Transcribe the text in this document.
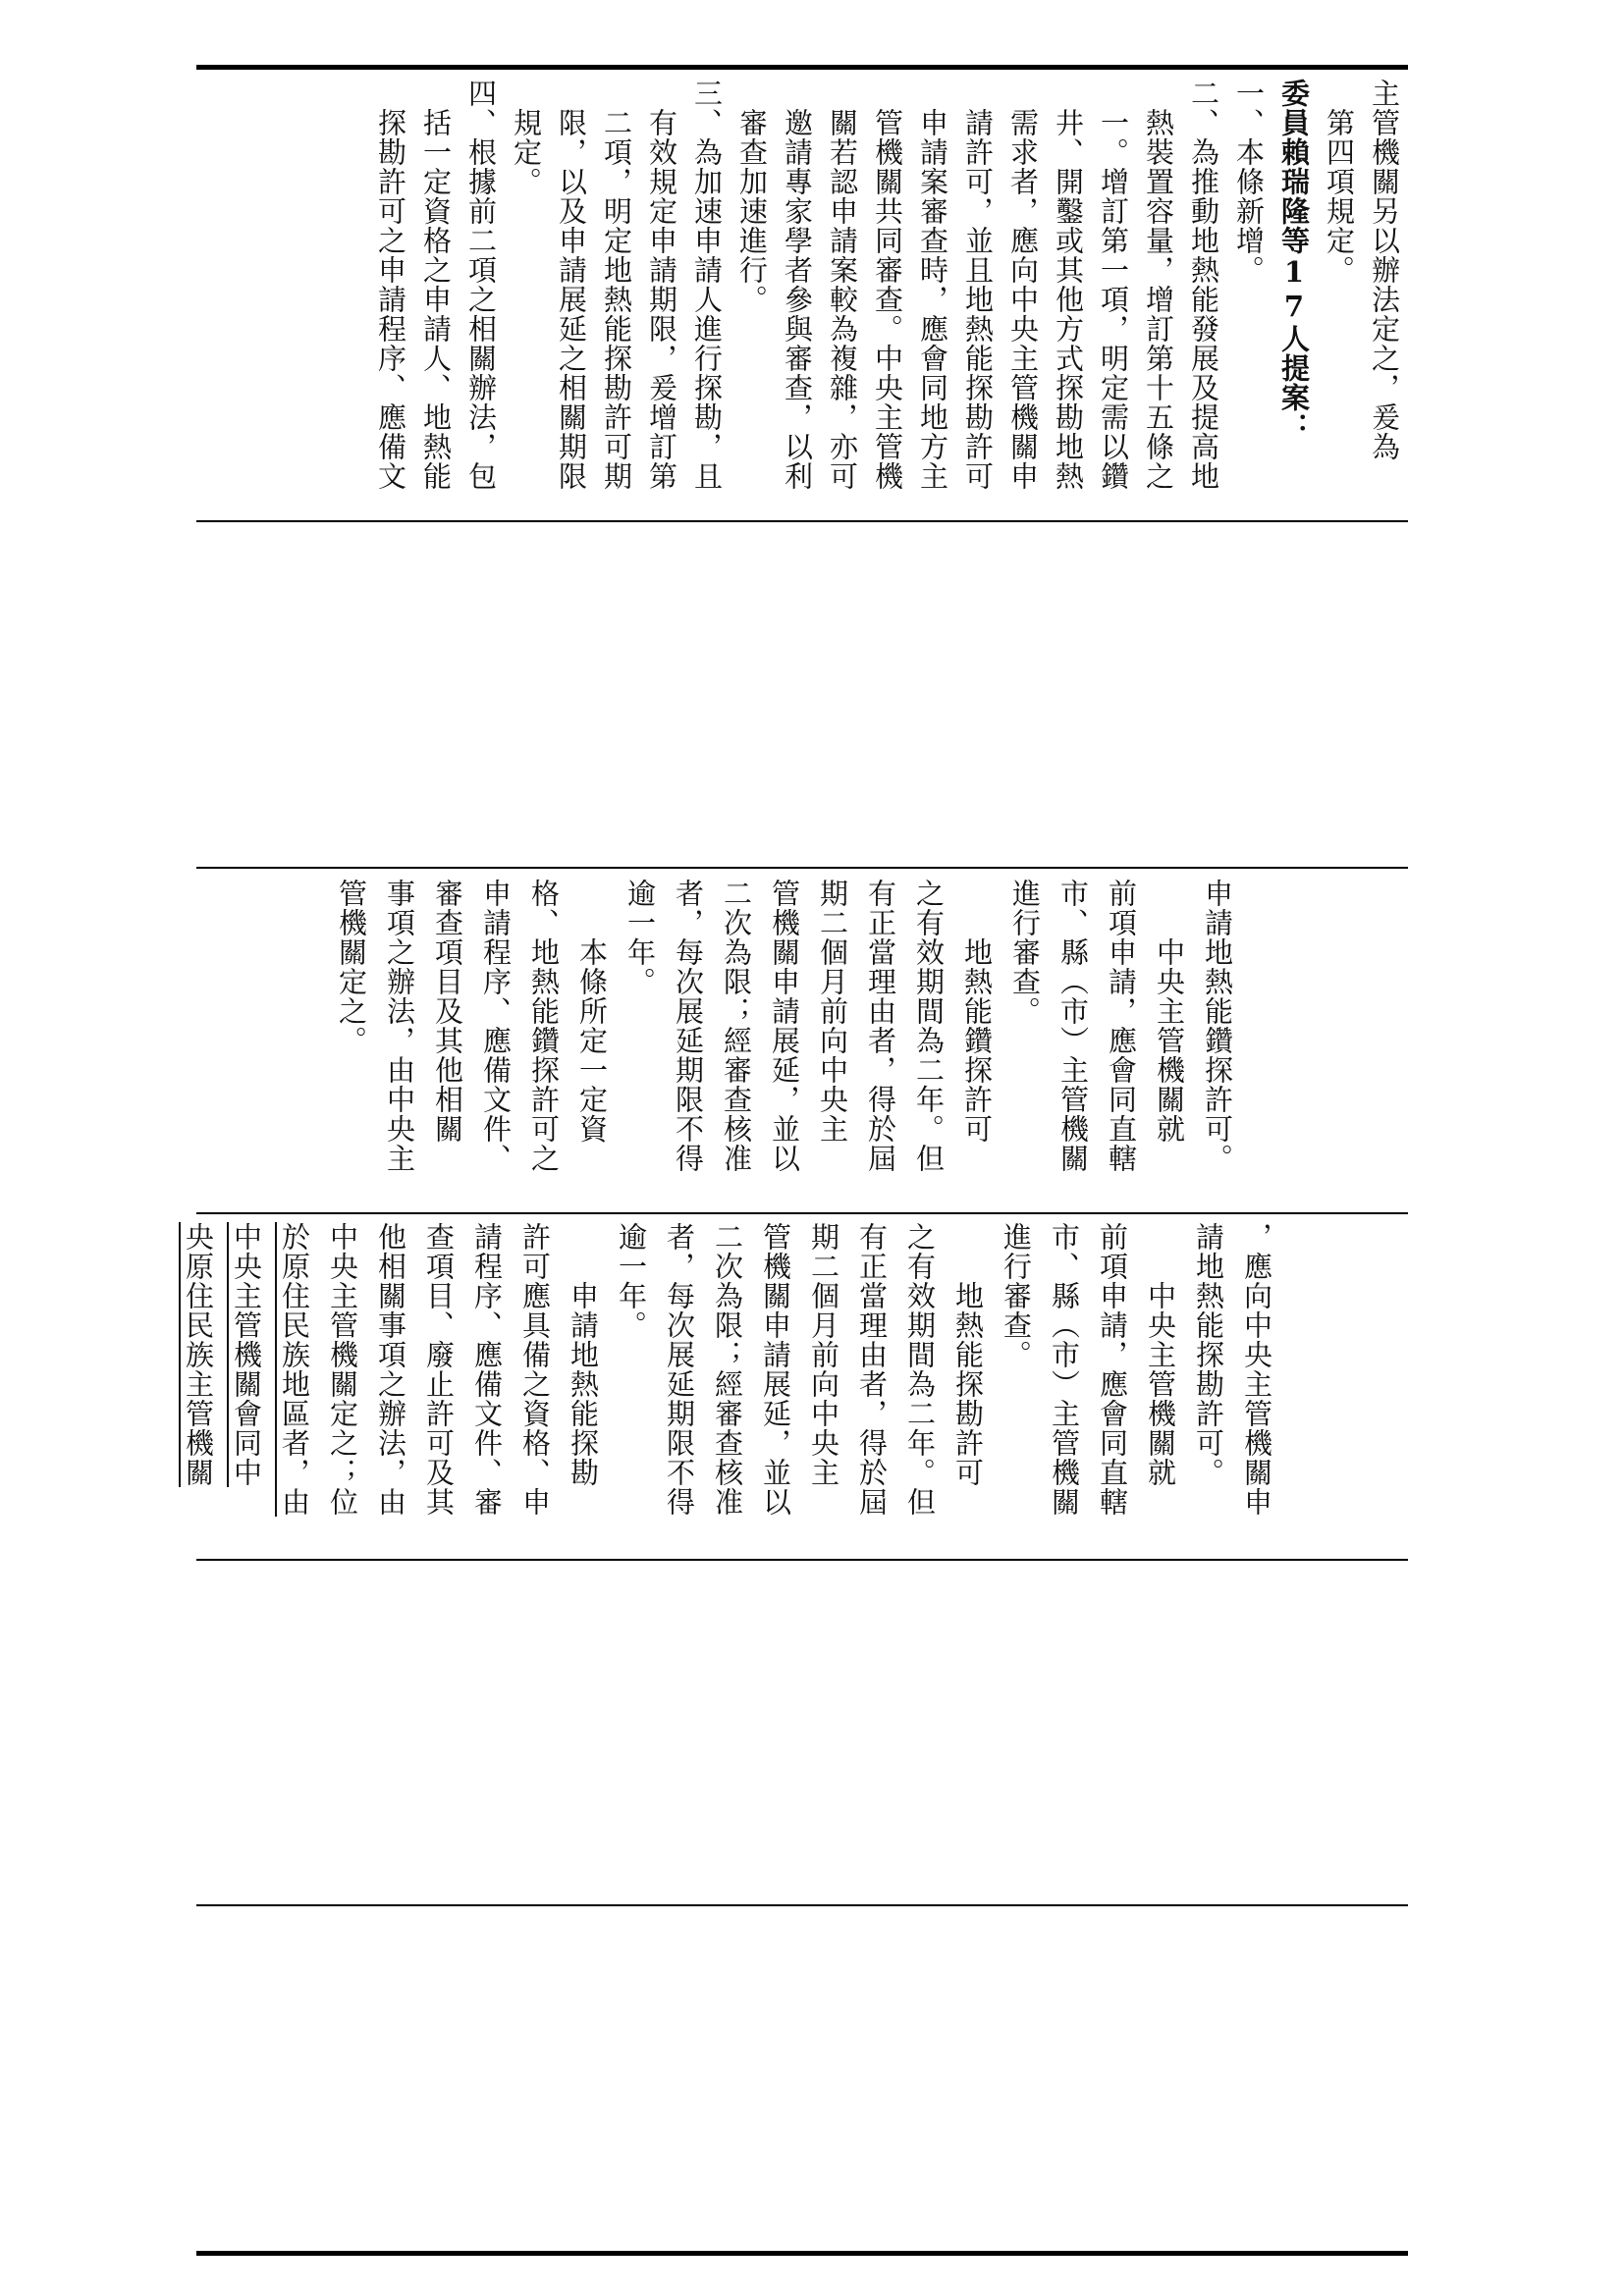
主管機關另以辦法定之，爰為
　第四項規定。
委員賴瑞隆等17人提案：
一、本條新增。
二、為推動地熱能發展及提高地
　熱裝置容量，增訂第十五條之
　一。增訂第一項，明定需以鑽
　井、開鑿或其他方式探勘地熱
　需求者，應向中央主管機關申
　請許可，並且地熱能探勘許可
　申請案審查時，應會同地方主
　管機關共同審查。中央主管機
　關若認申請案較為複雜，亦可
　邀請專家學者參與審查，以利
　審查加速進行。
三、為加速申請人進行探勘，且
　有效規定申請期限，爰增訂第
　二項，明定地熱能探勘許可期
　限，以及申請展延之相關期限
　規定。
四、根據前二項之相關辦法，包
　括一定資格之申請人、地熱能
　探勘許可之申請程序、應備文
申請地熱能鑽探許可。
　　中央主管機關就
前項申請，應會同直轄
市、縣（市）主管機關
進行審查。
　　地熱能鑽探許可
之有效期間為二年。但
有正當理由者，得於屆
期二個月前向中央主
管機關申請展延，並以
二次為限；經審查核准
者，每次展延期限不得
逾一年。
　　本條所定一定資
格、地熱能鑽探許可之
申請程序、應備文件、
審查項目及其他相關
事項之辦法，由中央主
管機關定之。
，應向中央主管機關申
請地熱能探勘許可。
　　中央主管機關就
前項申請，應會同直轄
市、縣（市）主管機關
進行審查。
　　地熱能探勘許可
之有效期間為二年。但
有正當理由者，得於屆
期二個月前向中央主
管機關申請展延，並以
二次為限；經審查核准
者，每次展延期限不得
逾一年。
　　申請地熱能探勘
許可應具備之資格、申
請程序、應備文件、審
查項目、廢止許可及其
他相關事項之辦法，由
中央主管機關定之；位
於原住民族地區者，由
中央主管機關會同中
央原住民族主管機關
